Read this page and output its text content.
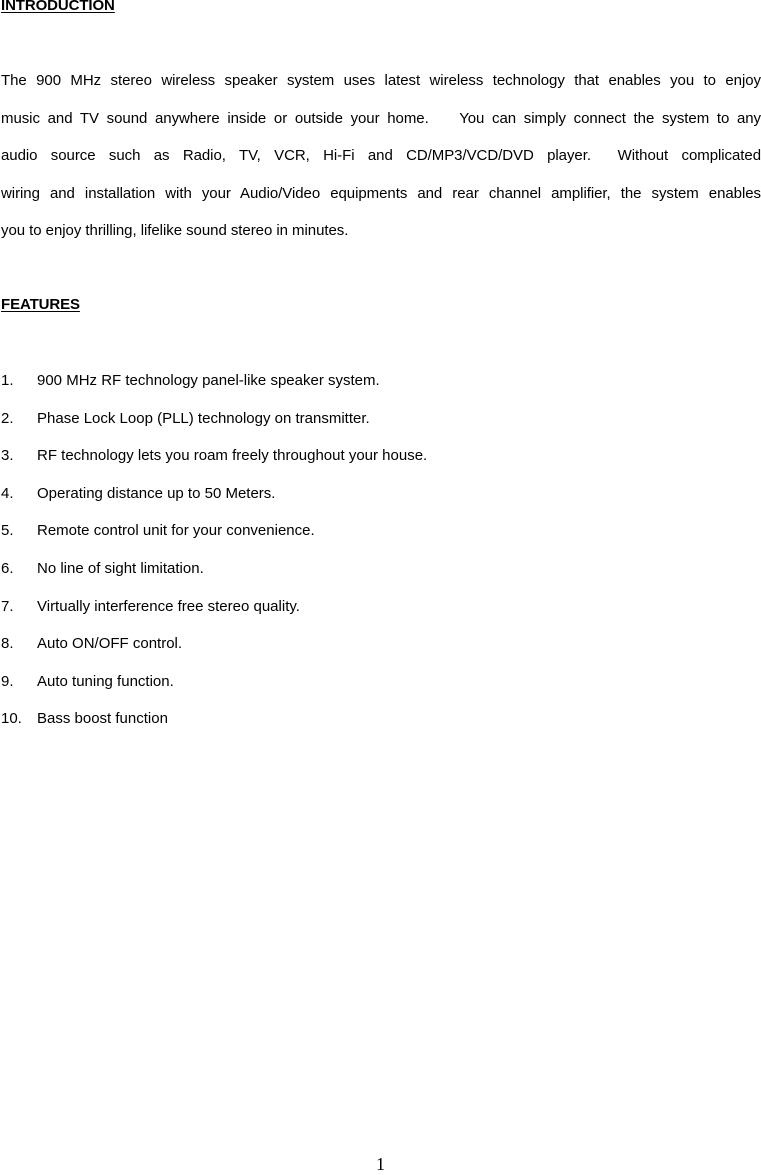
INTRODUCTION
The 900 MHz stereo wireless speaker system uses latest wireless technology that enables you to enjoy
music and TV sound anywhere inside or outside your home.    You can simply connect the system to any
audio source such as Radio, TV, VCR, Hi-Fi and CD/MP3/VCD/DVD player.  Without complicated
wiring and installation with your Audio/Video equipments and rear channel amplifier, the system enables
you to enjoy thrilling, lifelike sound stereo in minutes.
FEATURES
1. 900 MHz RF technology panel-like speaker system.
2. Phase Lock Loop (PLL) technology on transmitter.
3. RF technology lets you roam freely throughout your house.
4. Operating distance up to 50 Meters.
5. Remote control unit for your convenience.
6. No line of sight limitation.
7. Virtually interference free stereo quality.
8. Auto ON/OFF control.
9. Auto tuning function.
10. Bass boost function
1
